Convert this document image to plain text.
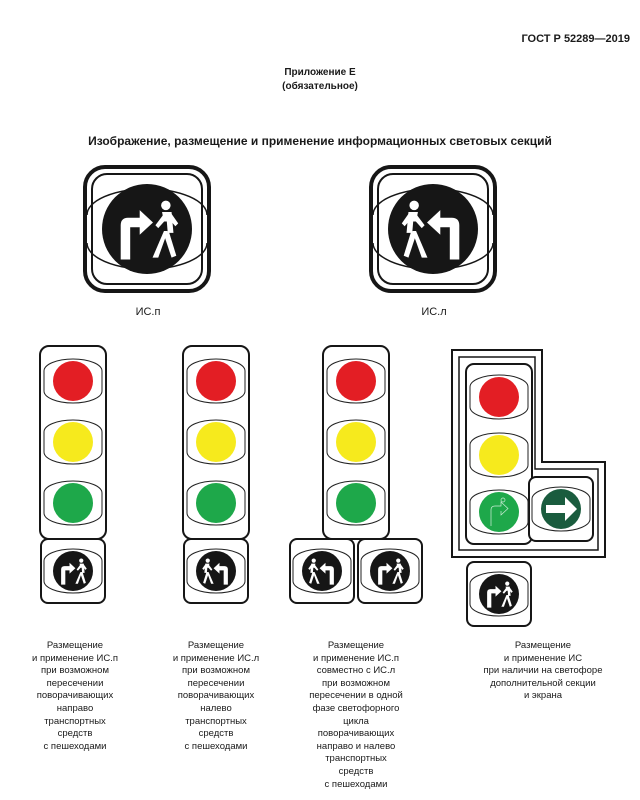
ГОСТ Р 52289—2019
Приложение Е
(обязательное)
Изображение, размещение и применение информационных световых секций
ИС.п	ИС.л
Размещение
и применение ИС.п
при возможном
пересечении
поворачивающих
направо
транспортных
средств
с пешеходами
Размещение
и применение ИС.л
при возможном
пересечении
поворачивающих
налево
транспортных
средств
с пешеходами
Размещение
и применение ИС.п
совместно с ИС.л
при возможном
пересечении в одной
фазе светофорного
цикла
поворачивающих
направо и налево
транспортных
средств
с пешеходами
Размещение
и применение ИС
при наличии на светофоре
дополнительной секции
и экрана
